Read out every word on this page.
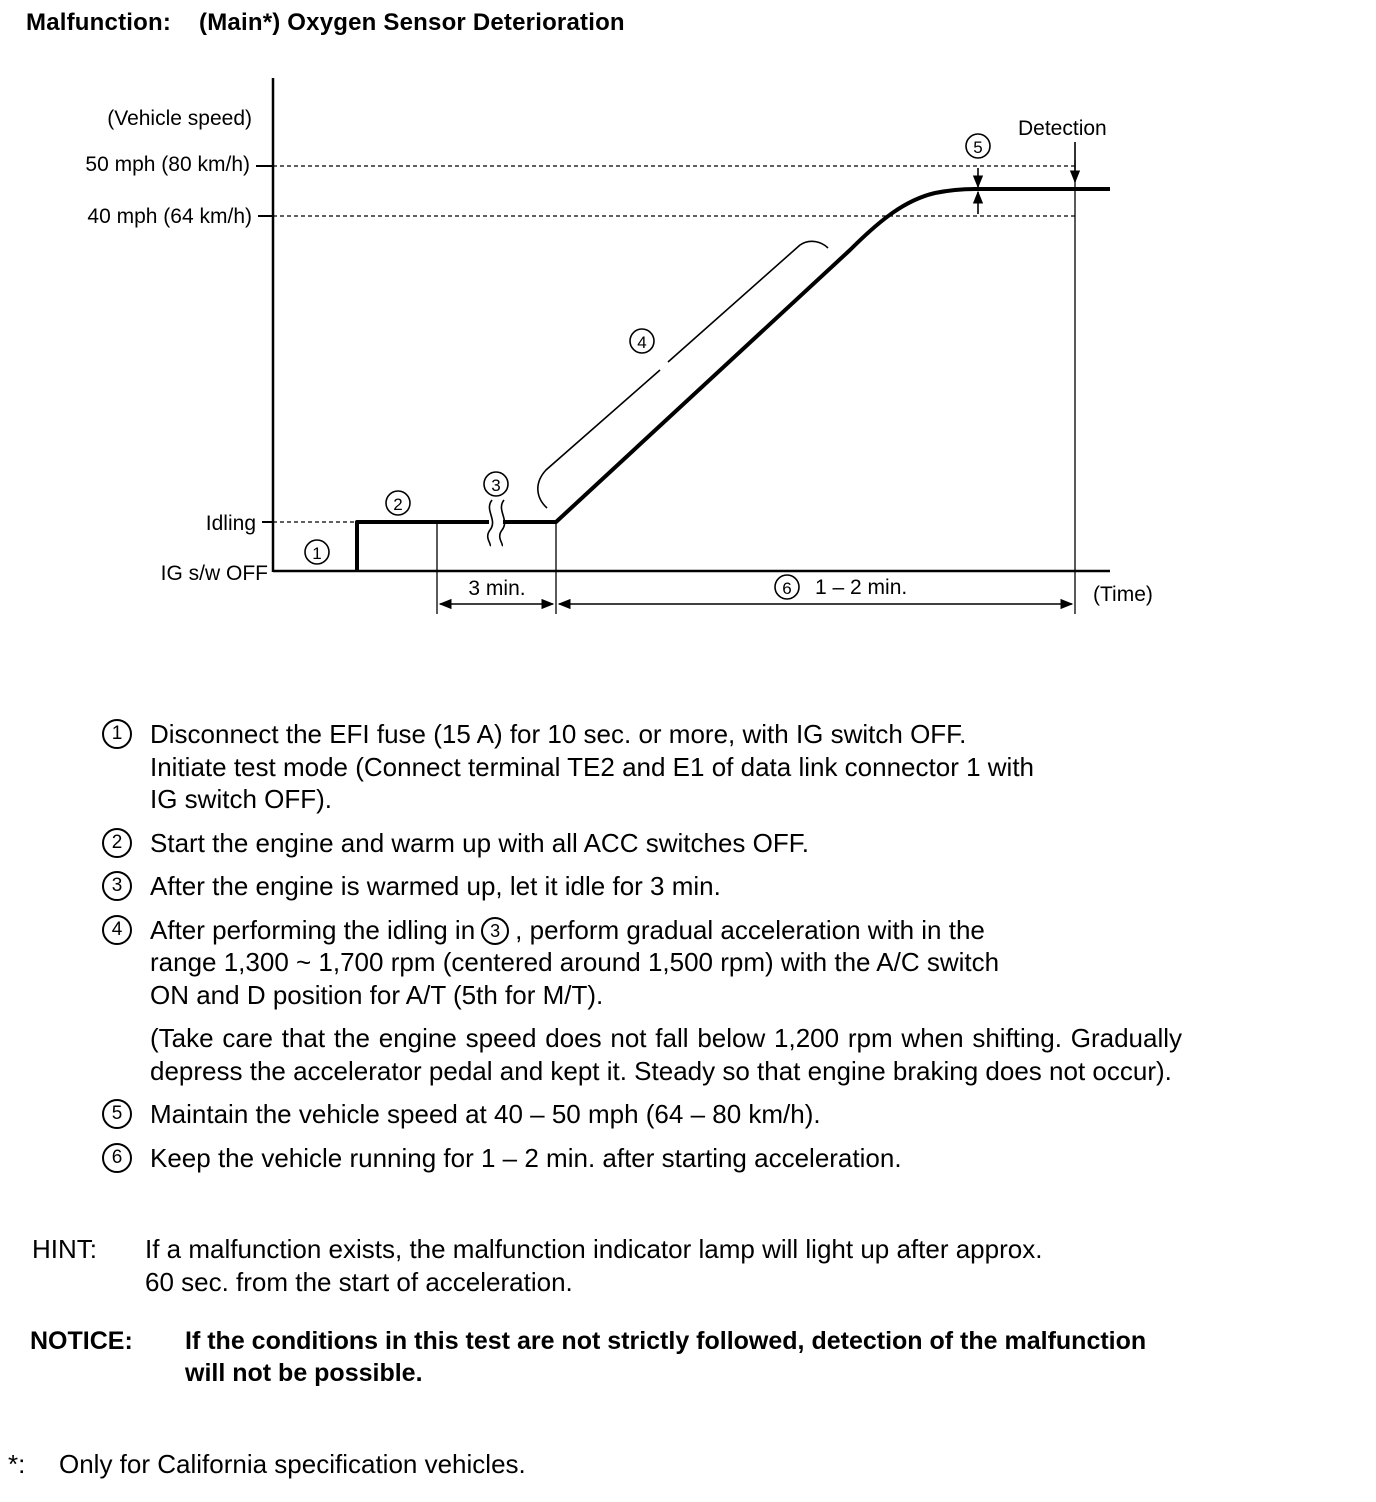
Malfunction: (Main*) Oxygen Sensor Deterioration
(Vehicle speed)
50 mph (80 km/h)
40 mph (64 km/h)
Idling
IG s/w OFF
3 min.	6 1 – 2 min.	(Time)
Detection
5
1
2
3
4
1	Disconnect the EFI fuse (15 A) for 10 sec. or more, with IG switch OFF.
Initiate test mode (Connect terminal TE2 and E1 of data link connector 1 with
IG switch OFF).
2	Start the engine and warm up with all ACC switches OFF.
3	After the engine is warmed up, let it idle for 3 min.
4	After performing the idling in 3 , perform gradual acceleration with in the
range 1,300 ~ 1,700 rpm (centered around 1,500 rpm) with the A/C switch
ON and D position for A/T (5th for M/T).
(Take care that the engine speed does not fall below 1,200 rpm when shifting. Gradually depress the accelerator pedal and kept it. Steady so that engine braking does not occur).
5	Maintain the vehicle speed at 40 – 50 mph (64 – 80 km/h).
6	Keep the vehicle running for 1 – 2 min. after starting acceleration.
HINT:	If a malfunction exists, the malfunction indicator lamp will light up after approx.
60 sec. from the start of acceleration.
NOTICE:	If the conditions in this test are not strictly followed, detection of the malfunction
will not be possible.
*:	Only for California specification vehicles.
